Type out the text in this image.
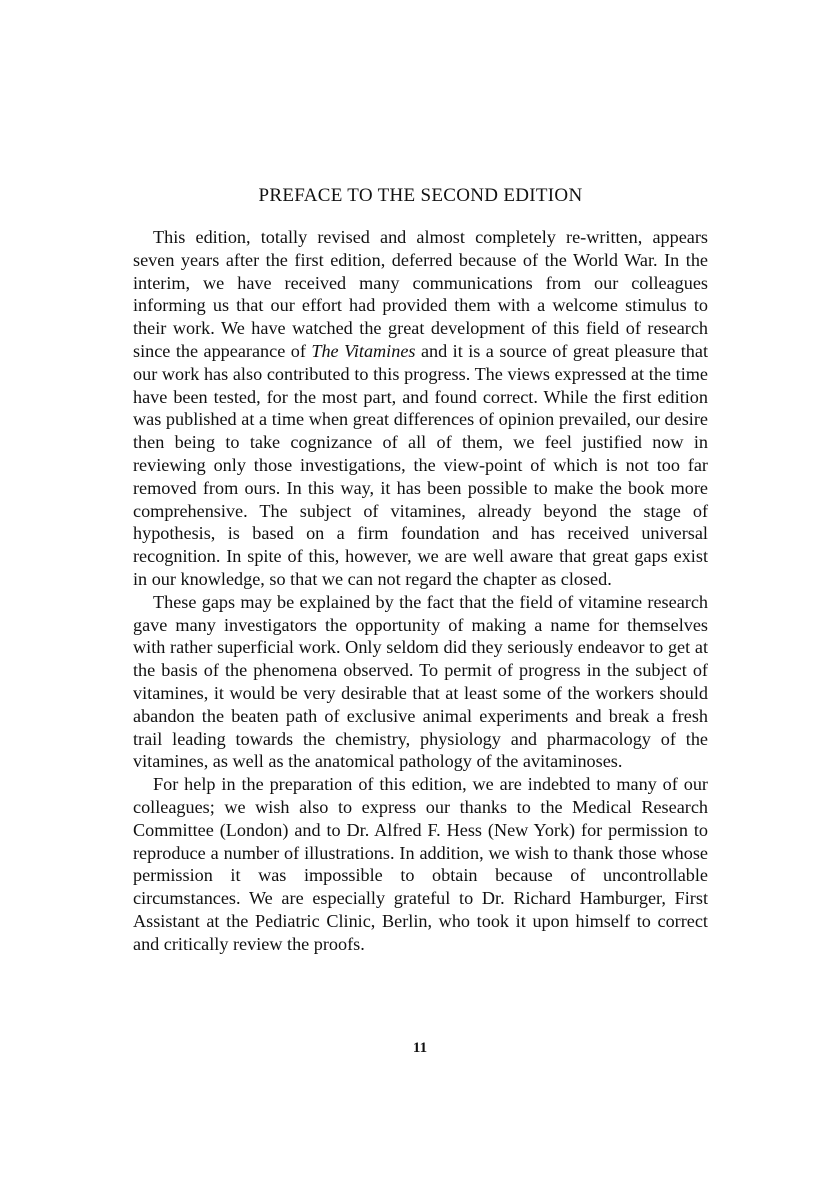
PREFACE TO THE SECOND EDITION

This edition, totally revised and almost completely re-written, appears seven years after the first edition, deferred because of the World War. In the interim, we have received many communications from our colleagues informing us that our effort had provided them with a welcome stimulus to their work. We have watched the great development of this field of research since the appearance of The Vitamines and it is a source of great pleasure that our work has also contributed to this progress. The views expressed at the time have been tested, for the most part, and found correct. While the first edition was published at a time when great differences of opinion prevailed, our desire then being to take cognizance of all of them, we feel justified now in reviewing only those investigations, the view-point of which is not too far removed from ours. In this way, it has been possible to make the book more comprehensive. The subject of vitamines, already beyond the stage of hypothesis, is based on a firm foundation and has received universal recognition. In spite of this, however, we are well aware that great gaps exist in our knowledge, so that we can not regard the chapter as closed.

These gaps may be explained by the fact that the field of vitamine research gave many investigators the opportunity of making a name for themselves with rather superficial work. Only seldom did they seriously endeavor to get at the basis of the phenomena observed. To permit of progress in the subject of vitamines, it would be very desirable that at least some of the workers should abandon the beaten path of exclusive animal experiments and break a fresh trail leading towards the chemistry, physiology and pharmacology of the vitamines, as well as the anatomical pathology of the avitaminoses.

For help in the preparation of this edition, we are indebted to many of our colleagues; we wish also to express our thanks to the Medical Research Committee (London) and to Dr. Alfred F. Hess (New York) for permission to reproduce a number of illustrations. In addition, we wish to thank those whose permission it was impossible to obtain because of uncontrollable circumstances. We are especially grateful to Dr. Richard Hamburger, First Assistant at the Pediatric Clinic, Berlin, who took it upon himself to correct and critically review the proofs.

11
